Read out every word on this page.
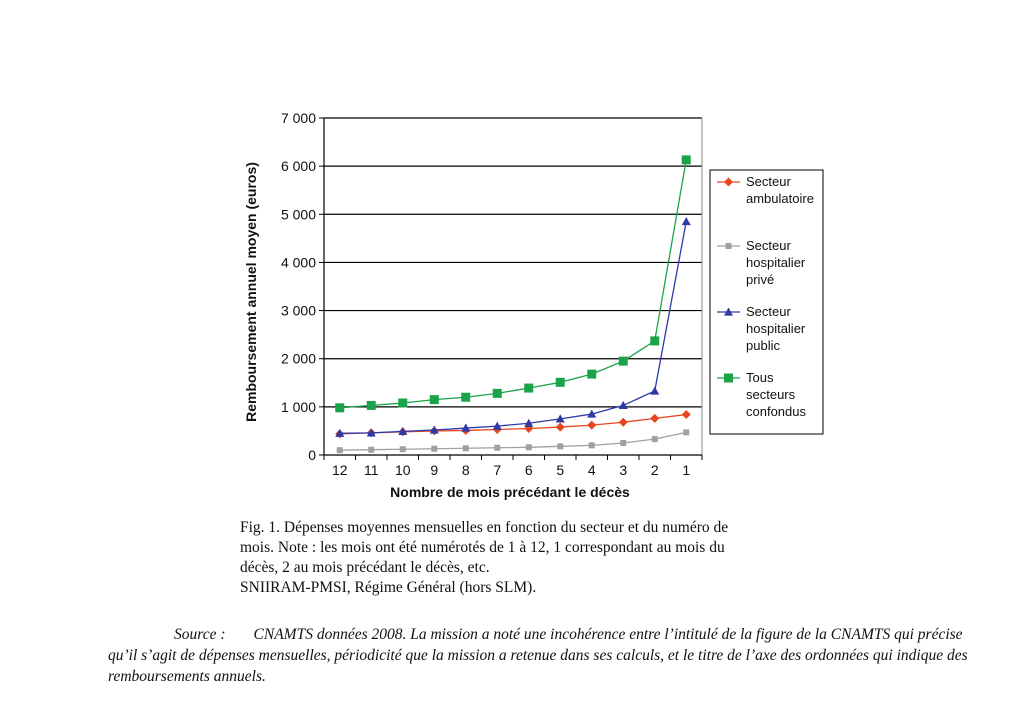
0
1 000
2 000
3 000
4 000
5 000
6 000
7 000
12 11 10 9 8 7 6 5 4 3 2 1
Remboursement annuel moyen (euros)
Nombre de mois précédant le décès
Secteur
ambulatoire
Secteur
hospitalier
privé
Secteur
hospitalier
public
Tous
secteurs
confondus

Fig. 1. Dépenses moyennes mensuelles en fonction du secteur et du numéro de

mois. Note : les mois ont été numérotés de 1 à 12, 1 correspondant au mois du

décès, 2 au mois précédant le décès, etc.

SNIIRAM-PMSI, Régime Général (hors SLM).

Source : CNAMTS données 2008. La mission a noté une incohérence entre l’intitulé de la figure de la CNAMTS qui précise qu’il s’agit de dépenses mensuelles, périodicité que la mission a retenue dans ses calculs, et le titre de l’axe des ordonnées qui indique des remboursements annuels.
